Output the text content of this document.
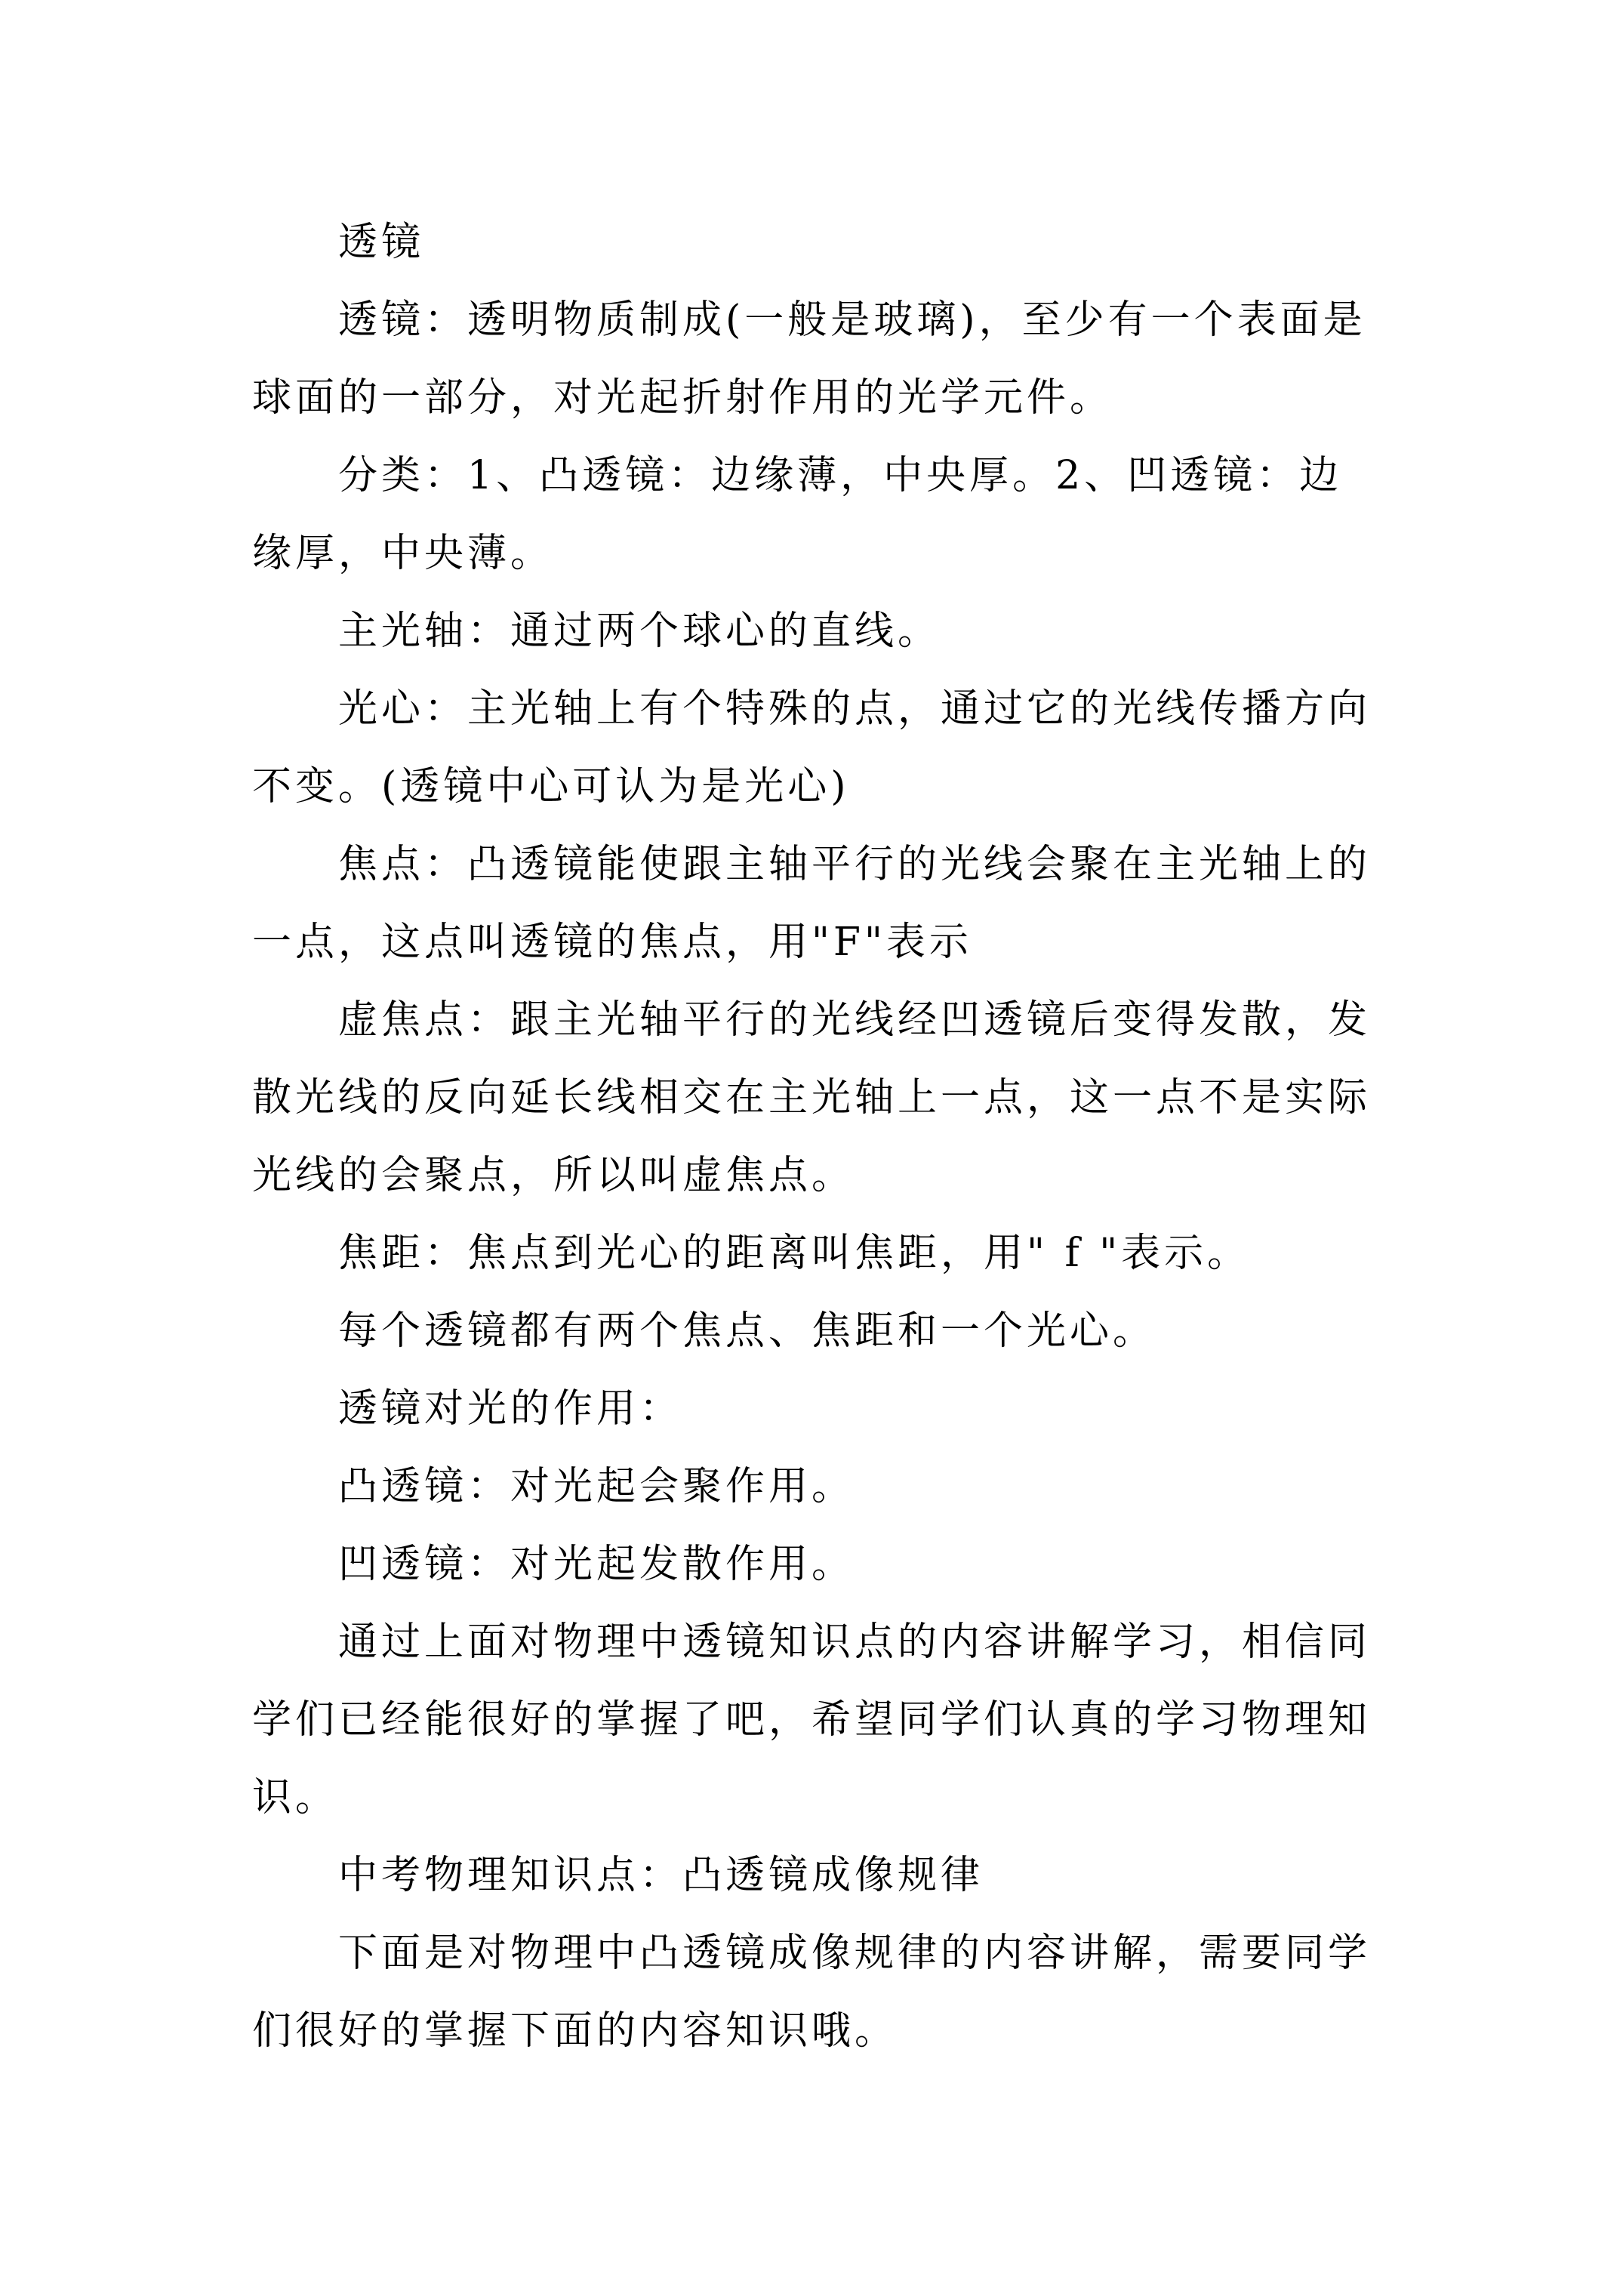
透镜

透镜：透明物质制成(一般是玻璃)，至少有一个表面是球面的一部分，对光起折射作用的光学元件。

分类：1、凸透镜：边缘薄，中央厚。2、凹透镜：边缘厚，中央薄。

主光轴：通过两个球心的直线。

光心：主光轴上有个特殊的点，通过它的光线传播方向不变。(透镜中心可认为是光心)

焦点：凸透镜能使跟主轴平行的光线会聚在主光轴上的一点，这点叫透镜的焦点，用"F"表示

虚焦点：跟主光轴平行的光线经凹透镜后变得发散，发散光线的反向延长线相交在主光轴上一点，这一点不是实际光线的会聚点，所以叫虚焦点。

焦距：焦点到光心的距离叫焦距，用" f "表示。

每个透镜都有两个焦点、焦距和一个光心。

透镜对光的作用：

凸透镜：对光起会聚作用。

凹透镜：对光起发散作用。

通过上面对物理中透镜知识点的内容讲解学习，相信同学们已经能很好的掌握了吧，希望同学们认真的学习物理知识。

中考物理知识点：凸透镜成像规律

下面是对物理中凸透镜成像规律的内容讲解，需要同学们很好的掌握下面的内容知识哦。
